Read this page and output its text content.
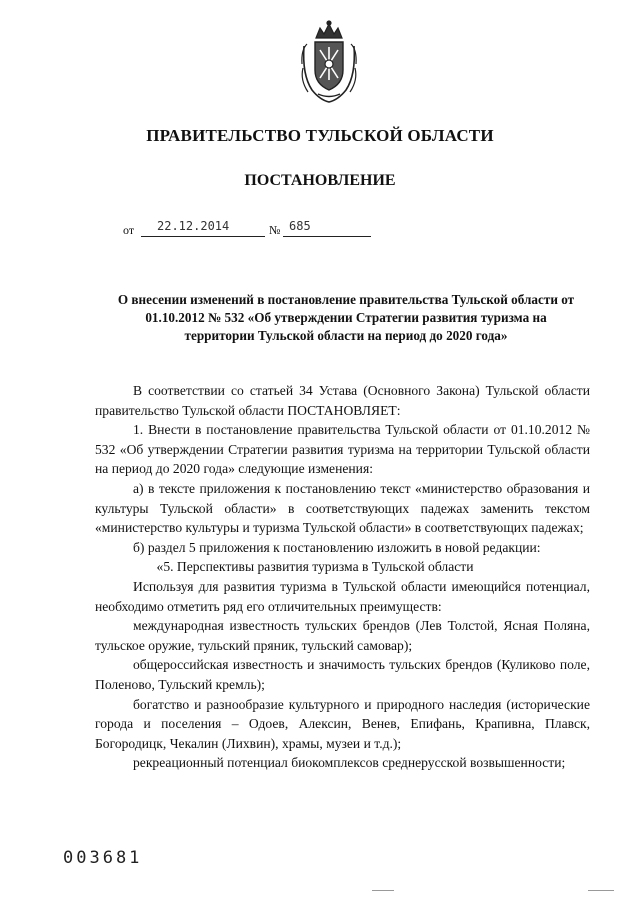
ПРАВИТЕЛЬСТВО ТУЛЬСКОЙ ОБЛАСТИ
ПОСТАНОВЛЕНИЕ
от 22.12.2014	№ 685
О внесении изменений в постановление правительства Тульской области от 01.10.2012 № 532 «Об утверждении Стратегии развития туризма на территории Тульской области на период до 2020 года»

В соответствии со статьей 34 Устава (Основного Закона) Тульской области правительство Тульской области ПОСТАНОВЛЯЕТ:

1. Внести в постановление правительства Тульской области от 01.10.2012 № 532 «Об утверждении Стратегии развития туризма на территории Тульской области на период до 2020 года» следующие изменения:

а) в тексте приложения к постановлению текст «министерство образования и культуры Тульской области» в соответствующих падежах заменить текстом «министерство культуры и туризма Тульской области» в соответствующих падежах;

б) раздел 5 приложения к постановлению изложить в новой редакции:

«5. Перспективы развития туризма в Тульской области

Используя для развития туризма в Тульской области имеющийся потенциал, необходимо отметить ряд его отличительных преимуществ:

международная известность тульских брендов (Лев Толстой, Ясная Поляна, тульское оружие, тульский пряник, тульский самовар);

общероссийская известность и значимость тульских брендов (Куликово поле, Поленово, Тульский кремль);

богатство и разнообразие культурного и природного наследия (исторические города и поселения – Одоев, Алексин, Венев, Епифань, Крапивна, Плавск, Богородицк, Чекалин (Лихвин), храмы, музеи и т.д.);

рекреационный потенциал биокомплексов среднерусской возвышенности;

003681
